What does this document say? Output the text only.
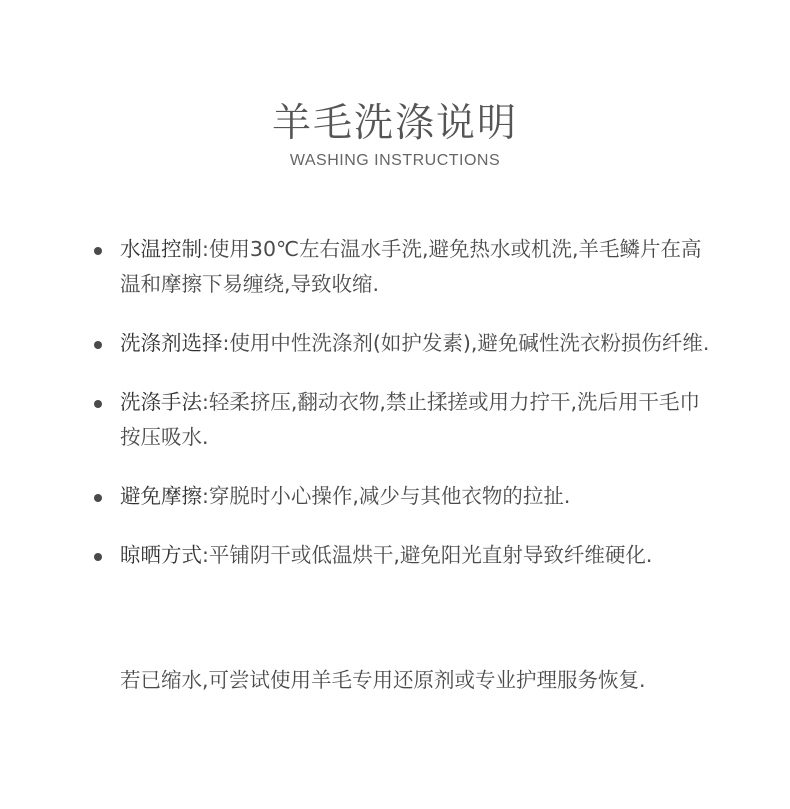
羊毛洗涤说明
WASHING INSTRUCTIONS
水温控制:使用30℃左右温水手洗,避免热水或机洗,羊毛鳞片在高温和摩擦下易缠绕,导致收缩.
洗涤剂选择:使用中性洗涤剂(如护发素),避免碱性洗衣粉损伤纤维.
洗涤手法:轻柔挤压,翻动衣物,禁止揉搓或用力拧干,洗后用干毛巾按压吸水.
避免摩擦:穿脱时小心操作,减少与其他衣物的拉扯.
晾晒方式:平铺阴干或低温烘干,避免阳光直射导致纤维硬化.
若已缩水,可尝试使用羊毛专用还原剂或专业护理服务恢复.
